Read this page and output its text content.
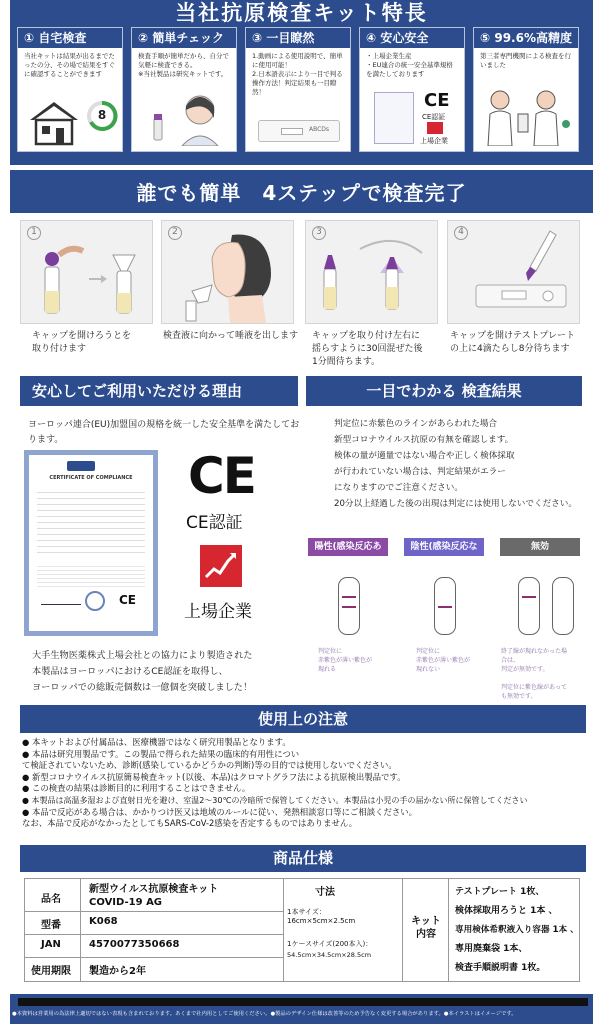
当社抗原検査キット特長
① 自宅検査
当社キットは結果が出るまでたったの分、その場で結果をすぐに確認することができます
8
② 簡単チェック
検査手順が簡単だから、自分で気軽に検査できる。
※当社製品は研究キットです。
③ 一目瞭然
1.動画による使用説明で、簡単に使用可能！
2.日本語表示により一目で判る操作方法！判定結果も一目瞭然！
ABCDs
④ 安心安全
・上場企業生産
・EU連合の統一安全基準規格を満たしております
CE
CE認証
上場企業
⑤ 99.6%高精度
第三者専門機関による検査を行いました
誰でも簡単　4ステップで検査完了
1	2	3	4
キャップを開けろうとを
取り付けます
検査液に向かって唾液を出します	キャップを取り付け左右に
揺らすように30回混ぜた後
1分間待ちます。
キャップを開けテストプレート
の上に4滴たらし8分待ちます
安心してご利用いただける理由	一目でわかる 検査結果
ヨーロッパ連合(EU)加盟国の規格を統一した安全基準を満たしております。
CERTIFICATE OF COMPLIANCE
CE
CE
CE認証
上場企業
大手生物医薬株式上場会社との協力により製造された
本製品はヨーロッパにおけるCE認証を取得し、
ヨーロッパでの総販売個数は一億個を突破しました！
判定位に赤紫色のラインがあらわれた場合
新型コロナウイルス抗原の有無を確認します。
検体の量が適量ではない場合や正しく検体採取
が行われていない場合は、判定結果がエラー
になりますのでご注意ください。
20分以上経過した後の出現は判定には使用しないでください。
陽性(感染反応あり)
陰性(感染反応なし)
無効
判定位に
赤紫色が薄い紫色が
現れる
判定位に
赤紫色が薄い紫色が
現れない
終了線が現れなかった場
合は、
判定が無効です。

判定位に紫色線があって
も無効です。
使用上の注意
● 本キットおよび付属品は、医療機器ではなく研究用製品となります。
● 本品は研究用製品です。この製品で得られた結果の臨床的有用性につい
て検証されていないため、診断(感染しているかどうかの判断)等の目的では使用しないでください。
● 新型コロナウイルス抗原簡易検査キット(以後、本品)はクロマトグラフ法による抗原検出製品です。
● この検査の結果は診断目的に利用することはできません。
● 本製品は高温多湿および直射日光を避け、室温2〜30℃の冷暗所で保管してください。本製品は小児の手の届かない所に保管してください
● 本品で反応がある場合は、かかりつけ医又は地域のルールに従い、発熱相談窓口等にご相談ください。
なお、本品で反応がなかったとしてもSARS-CoV-2感染を否定するものではありません。
商品仕様
品名
新型ウイルス抗原検査キット
COVID-19 AG
型番	K068
JAN	4570077350668
使用期限 製造から2年
寸法
1本サイズ：
16cm×5cm×2.5cm
1ケースサイズ(200本入)：
54.5cm×34.5cm×28.5cm
キット
内容
テストプレート 1枚、
検体採取用ろうと 1本 、
専用検体希釈液入り容器 1本 、
専用廃棄袋 1本、
検査手順説明書 1枚。
●本資料は営業用の為法律上適切ではない表現も含まれております。あくまで社内用としてご使用ください。●製品のデザイン仕様は改善等のため予告なく変更する場合があります。●本イラストはイメージです。
